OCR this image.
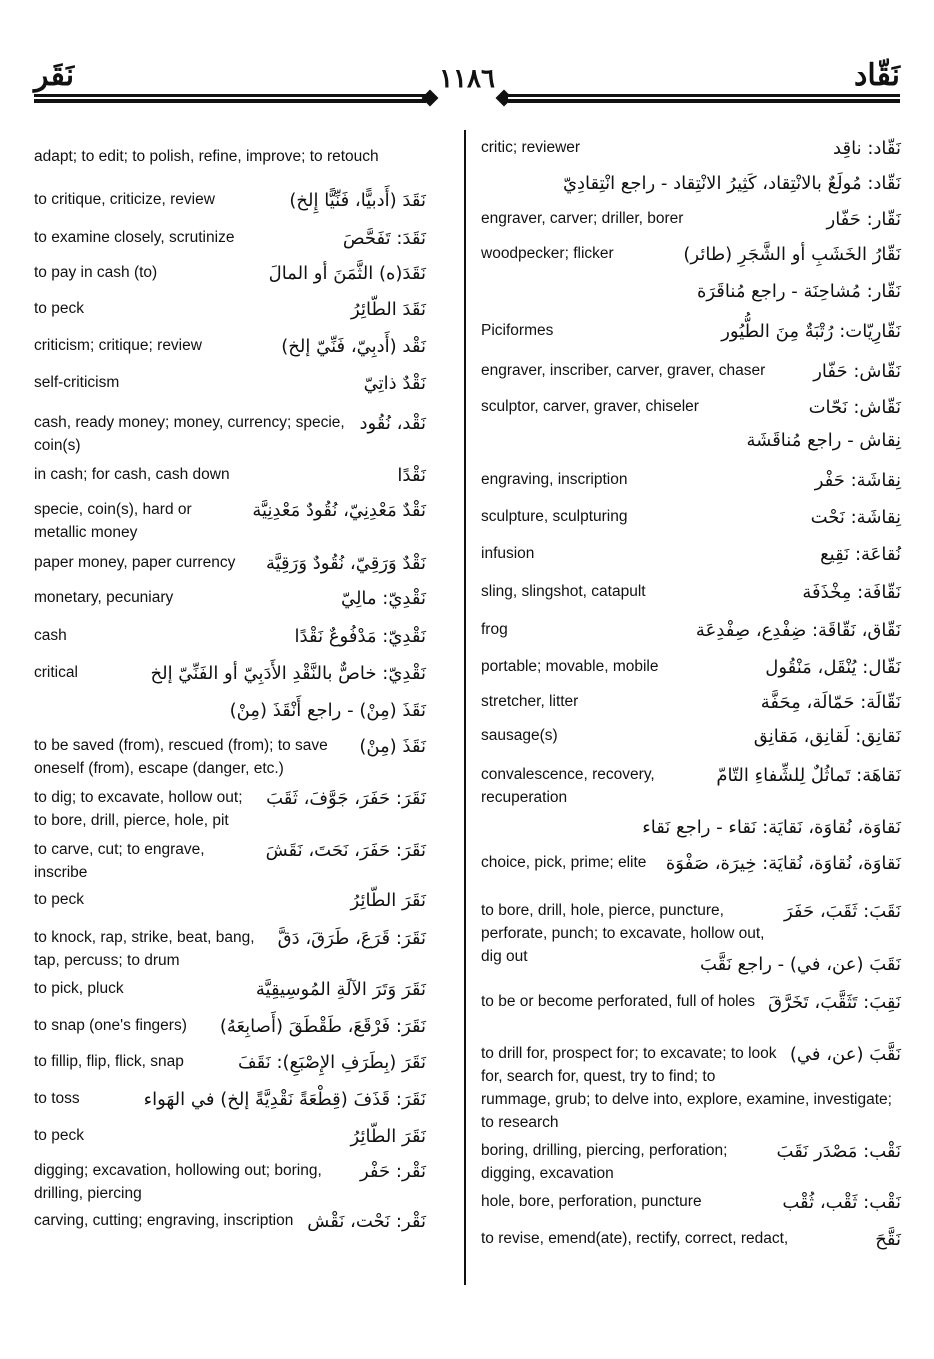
نَقّاد
١١٨٦
نَقَر
adapt; to edit; to polish, refine, improve; to retouch
نَقَدَ (أَدبيًّا، فَنِّيًّا إِلخ)
to critique, criticize, review
نَقَدَ: تَفَحَّصَ
to examine closely, scrutinize
نَقَدَ(ه) الثَّمَنَ أو المالَ
to pay in cash (to)
نَقَدَ الطّائِرُ
to peck
نَقْد (أَدبِيّ، فَنِّيّ إلخ)
criticism; critique; review
نَقْدٌ ذاتِيّ
self-criticism
نَقْد، نُقُود
cash, ready money; money, currency; specie, coin(s)
نَقْدًا
in cash; for cash, cash down
نَقْدٌ مَعْدِنِيّ، نُقُودٌ مَعْدِنِيَّة
specie, coin(s), hard or metallic money
نَقْدٌ وَرَقِيّ، نُقُودٌ وَرَقِيَّة
paper money, paper currency
نَقْدِيّ: مالِيّ
monetary, pecuniary
نَقْدِيّ: مَدْفُوعٌ نَقْدًا
cash
نَقْدِيّ: خاصٌّ بالنَّقْدِ الأَدَبِيّ أو الفَنِّيّ إلخ
critical
نَقَذَ (مِنْ) - راجع أَنْقَذَ (مِنْ)
نَقَذَ (مِنْ)
to be saved (from), rescued (from); to save oneself (from), escape (danger, etc.)
نَقَرَ: حَفَرَ، جَوَّفَ، ثَقَبَ
to dig; to excavate, hollow out; to bore, drill, pierce, hole, pit
نَقَرَ: حَفَرَ، نَحَتَ، نَقَشَ
to carve, cut; to engrave, inscribe
نَقَرَ الطّائِرُ
to peck
نَقَرَ: قَرَعَ، طَرَقَ، دَقَّ
to knock, rap, strike, beat, bang, tap, percuss; to drum
نَقَرَ وَتَرَ الآلَةِ المُوسِيقِيَّة
to pick, pluck
نَقَرَ: فَرْقَعَ، طَقْطَقَ (أَصابِعَهُ)
to snap (one's fingers)
نَقَرَ (بِطَرَفِ الإِصْبَعِ): نَقَفَ
to fillip, flip, flick, snap
نَقَرَ: قَذَفَ (قِطْعَةً نَقْدِيَّةً إلخ) في الهَواء
to toss
نَقَرَ الطّائِرُ
to peck
نَقْر: حَفْر
digging; excavation, hollowing out; boring, drilling, piercing
نَقْر: نَحْت، نَقْش
carving, cutting; engraving, inscription
نَقّاد: ناقِد
critic; reviewer
نَقّاد: مُولَعٌ بالانْتِقاد، كَثِيرُ الانْتِقاد - راجع انْتِقادِيّ
نَقّار: حَفّار
engraver, carver; driller, borer
نَقّارُ الخَشَبِ أو الشَّجَرِ (طائر)
woodpecker; flicker
نَقّار: مُشاحِنَة - راجع مُناقَرَة
نَقّارِيّات: رُتْبَةٌ مِنَ الطُّيُور
Piciformes
نَقّاش: حَفّار
engraver, inscriber, carver, graver, chaser
نَقّاش: نَحّات
sculptor, carver, graver, chiseler
نِقاش - راجع مُناقَشَة
نِقاشَة: حَفْر
engraving, inscription
نِقاشَة: نَحْت
sculpture, sculpturing
نُقاعَة: نَقِيع
infusion
نَقّافَة: مِخْذَفَة
sling, slingshot, catapult
نَقّاق، نَقّاقَة: ضِفْدِع، صِفْدِعَة
frog
نَقّال: يُنْقَل، مَنْقُول
portable; movable, mobile
نَقّالَة: حَمّالَة، مِحَفَّة
stretcher, litter
نَقانِق: لَقانِق، مَقانِق
sausage(s)
نَقاهَة: تَماثُلٌ لِلشِّفاءِ التّامّ
convalescence, recovery, recuperation
نَقاوَة، نُقاوَة، نَقايَة: نَقاء - راجع نَقاء
نَقاوَة، نُقاوَة، نُقايَة: خِيرَة، صَفْوَة
choice, pick, prime; elite
نَقَبَ: ثَقَبَ، حَفَرَ
to bore, drill, hole, pierce, puncture, perforate, punch; to excavate, hollow out, dig out	نَقَبَ (عن، في) - راجع نَقَّبَ
نَقِبَ: تَثَقَّبَ، تَخَرَّقَ
to be or become perforated, full of holes
نَقَّبَ (عن، في)
to drill for, prospect for; to excavate; to look for, search for, quest, try to find; to rummage, grub; to delve into, explore, examine, investigate; to research
نَقْب: مَصْدَر نَقَبَ
boring, drilling, piercing, perforation; digging, excavation
نَقْب: ثَقْب، ثُقْب
hole, bore, perforation, puncture
نَقَّحَ
to revise, emend(ate), rectify, correct, redact,
